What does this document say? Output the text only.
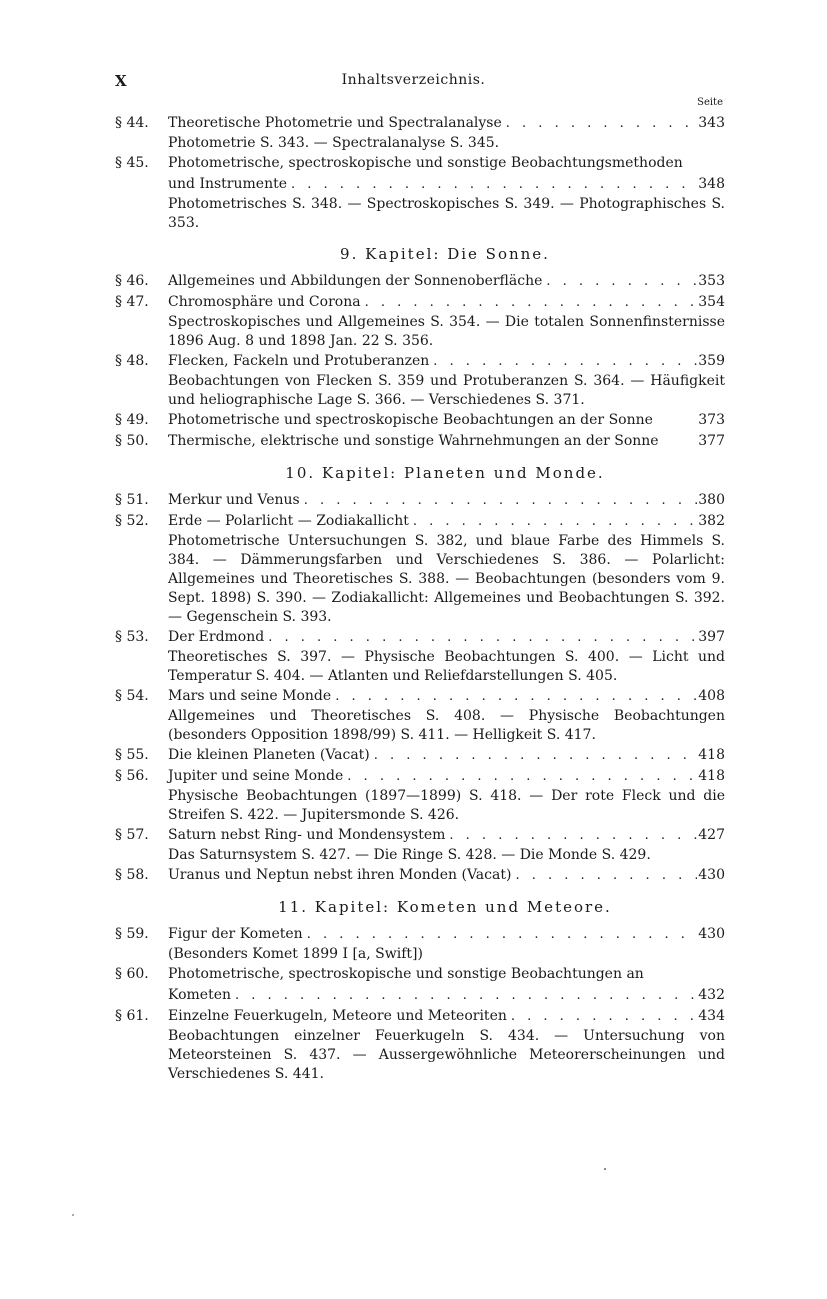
X	Inhaltsverzeichnis.
Seite
§ 44.	Theoretische Photometrie und Spectralanalyse . . .	343
Photometrie S. 343. — Spectralanalyse S. 345.
§ 45.	Photometrische, spectroskopische und sonstige Beobachtungsmethoden
und Instrumente . . .	348
Photometrisches S. 348. — Spectroskopisches S. 349. — Photographisches S. 353.
9. Kapitel: Die Sonne.
§ 46.	Allgemeines und Abbildungen der Sonnenoberfläche . . .	353
§ 47.	Chromosphäre und Corona . . .	354
Spectroskopisches und Allgemeines S. 354. — Die totalen Sonnenfinsternisse 1896 Aug. 8 und 1898 Jan. 22 S. 356.
§ 48.	Flecken, Fackeln und Protuberanzen . . .	359
Beobachtungen von Flecken S. 359 und Protuberanzen S. 364. — Häufigkeit und heliographische Lage S. 366. — Verschiedenes S. 371.
§ 49.	Photometrische und spectroskopische Beobachtungen an der Sonne	373
§ 50.	Thermische, elektrische und sonstige Wahrnehmungen an der Sonne	377
10. Kapitel: Planeten und Monde.
§ 51.	Merkur und Venus . . .	380
§ 52.	Erde — Polarlicht — Zodiakallicht . . .	382
Photometrische Untersuchungen S. 382, und blaue Farbe des Himmels S. 384. — Dämmerungsfarben und Verschiedenes S. 386. — Polarlicht: Allgemeines und Theoretisches S. 388. — Beobachtungen (besonders vom 9. Sept. 1898) S. 390. — Zodiakallicht: Allgemeines und Beobachtungen S. 392. — Gegenschein S. 393.
§ 53.	Der Erdmond . . .	397
Theoretisches S. 397. — Physische Beobachtungen S. 400. — Licht und Temperatur S. 404. — Atlanten und Reliefdarstellungen S. 405.
§ 54.	Mars und seine Monde . . .	408
Allgemeines und Theoretisches S. 408. — Physische Beobachtungen (besonders Opposition 1898/99) S. 411. — Helligkeit S. 417.
§ 55.	Die kleinen Planeten (Vacat) . . .	418
§ 56.	Jupiter und seine Monde . . .	418
Physische Beobachtungen (1897—1899) S. 418. — Der rote Fleck und die Streifen S. 422. — Jupitersmonde S. 426.
§ 57.	Saturn nebst Ring- und Mondensystem . . .	427
Das Saturnsystem S. 427. — Die Ringe S. 428. — Die Monde S. 429.
§ 58.	Uranus und Neptun nebst ihren Monden (Vacat) . . .	430
11. Kapitel: Kometen und Meteore.
§ 59.	Figur der Kometen . . .	430
(Besonders Komet 1899 I [a, Swift])
§ 60.	Photometrische, spectroskopische und sonstige Beobachtungen an
Kometen . . .	432
§ 61.	Einzelne Feuerkugeln, Meteore und Meteoriten . . .	434
Beobachtungen einzelner Feuerkugeln S. 434. — Untersuchung von Meteorsteinen S. 437. — Aussergewöhnliche Meteorerscheinungen und Verschiedenes S. 441.
